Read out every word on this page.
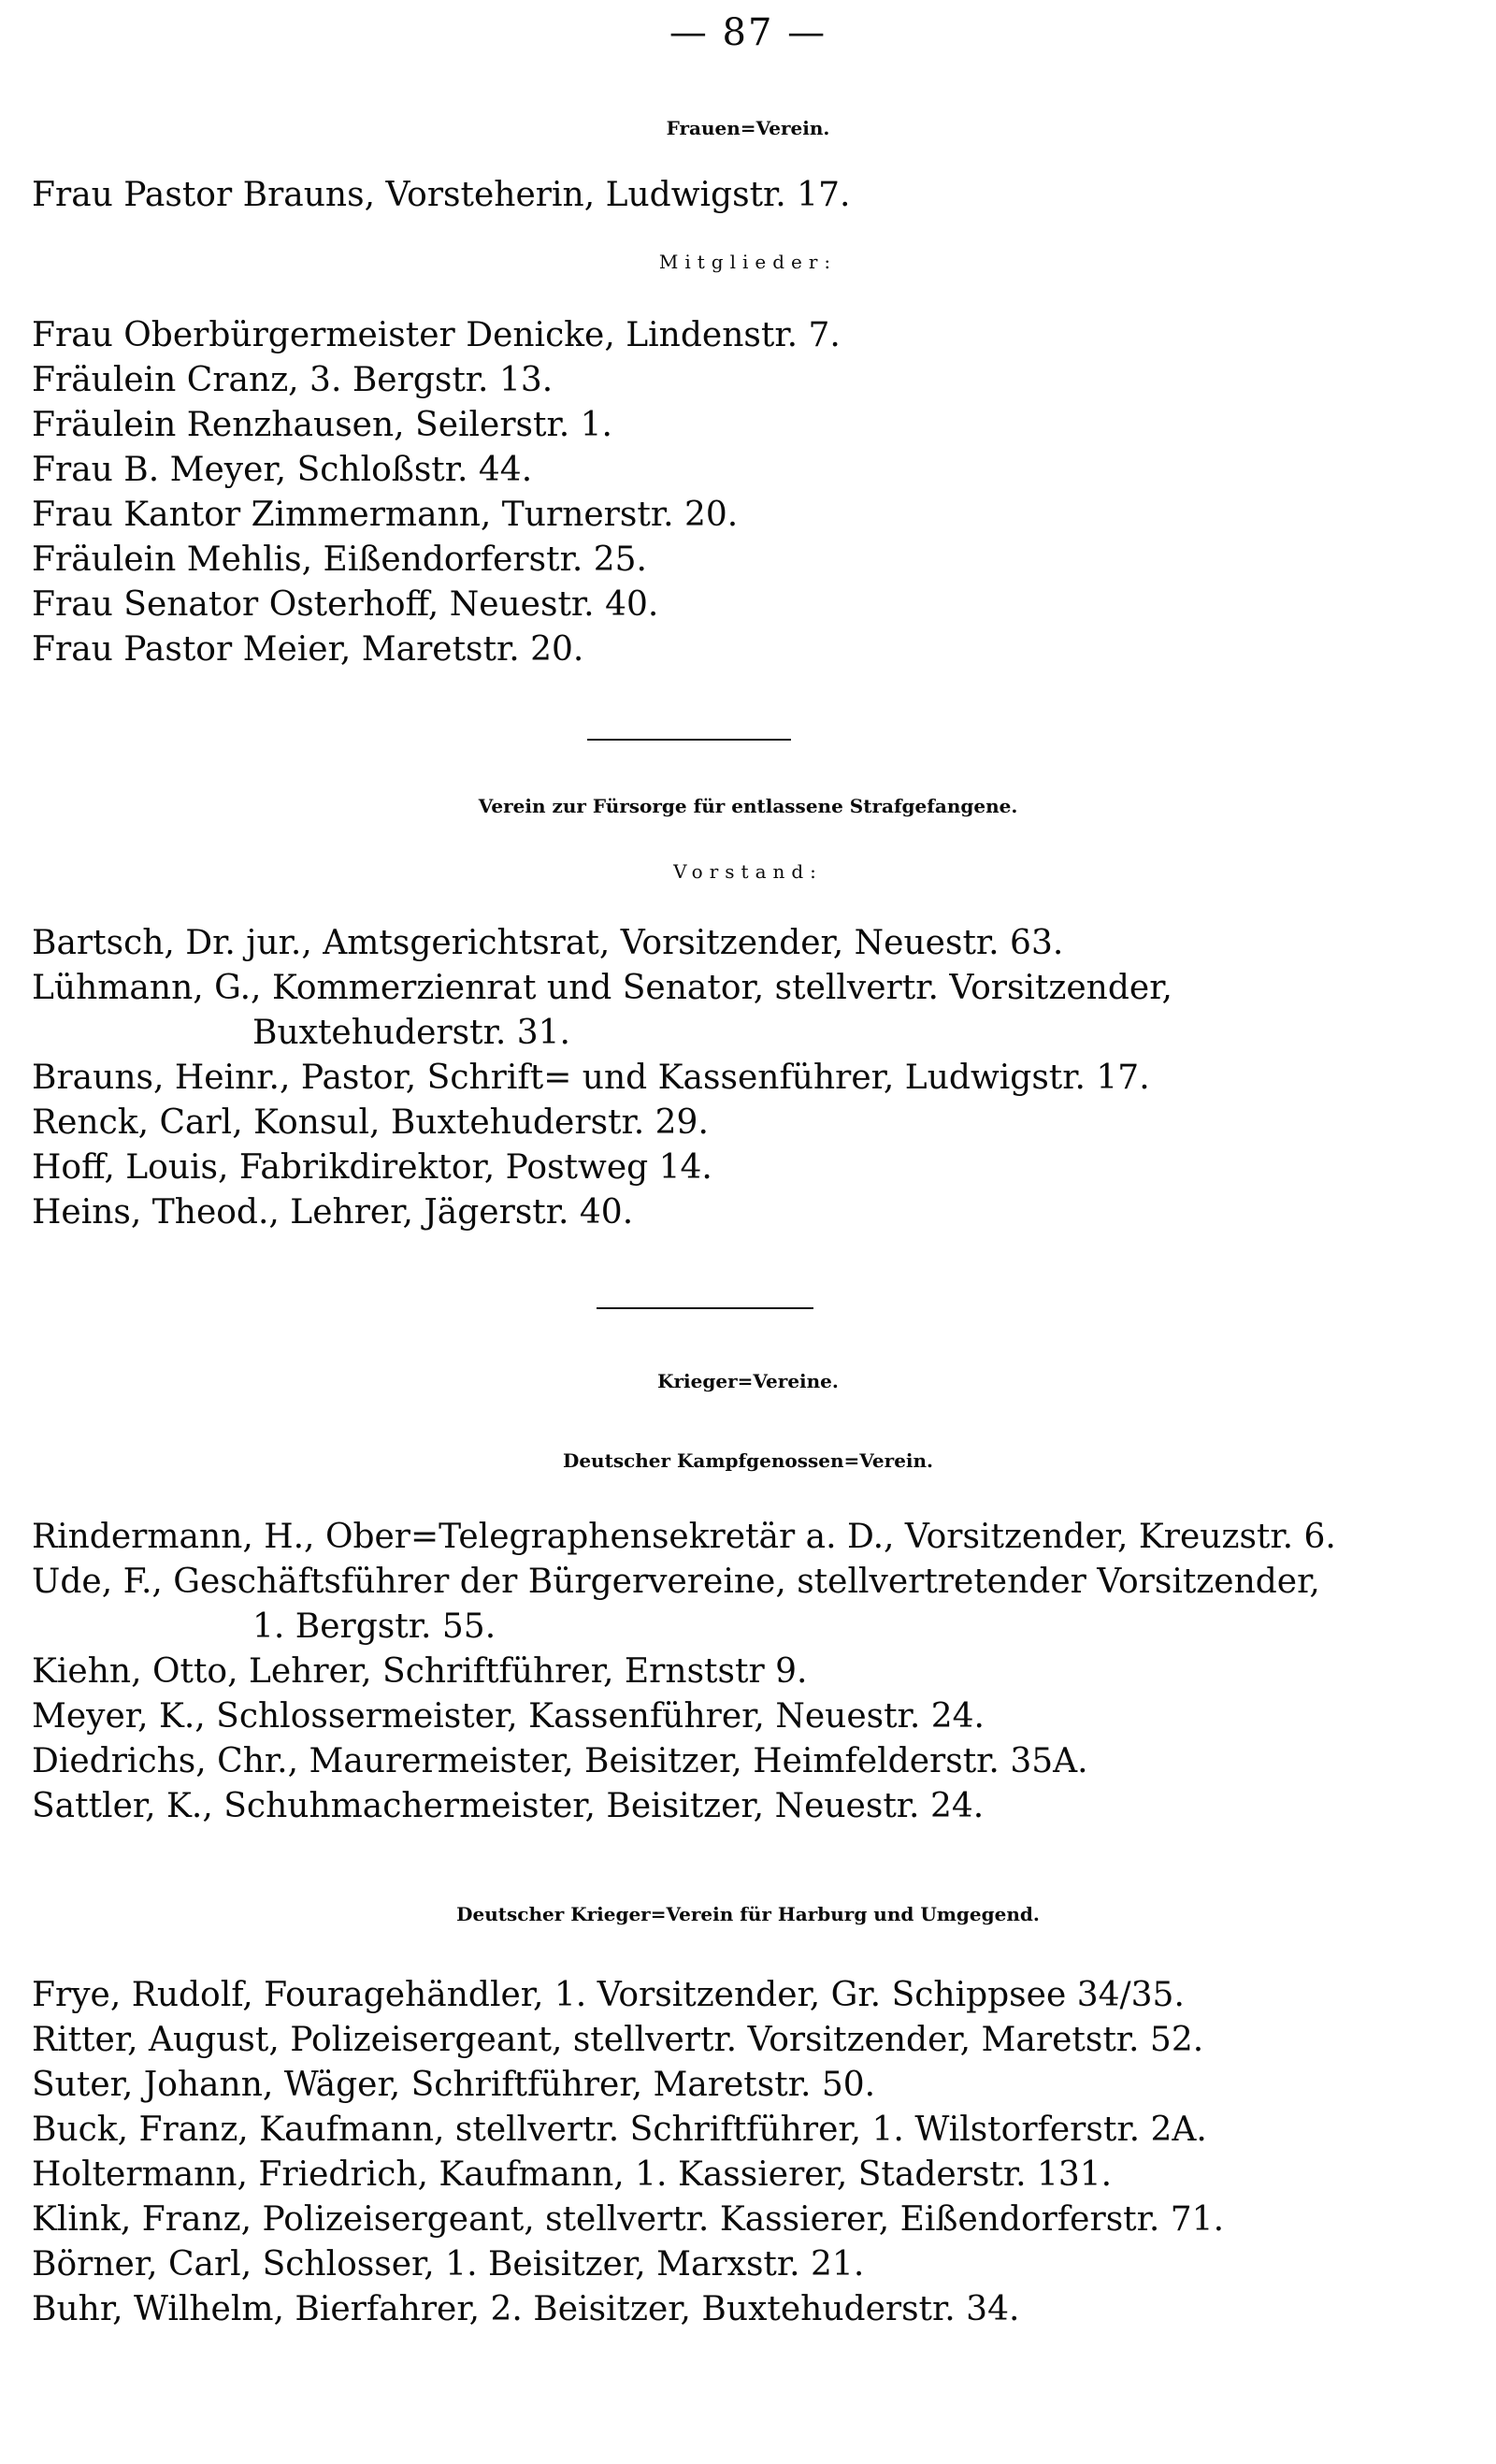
— 87 —
Frauen=Verein.
Frau Pastor Brauns, Vorsteherin, Ludwigstr. 17.
Mitglieder:
Frau Oberbürgermeister Denicke, Lindenstr. 7.
Fräulein Cranz, 3. Bergstr. 13.
Fräulein Renzhausen, Seilerstr. 1.
Frau B. Meyer, Schloßstr. 44.
Frau Kantor Zimmermann, Turnerstr. 20.
Fräulein Mehlis, Eißendorferstr. 25.
Frau Senator Osterhoff, Neuestr. 40.
Frau Pastor Meier, Maretstr. 20.
Verein zur Fürsorge für entlassene Strafgefangene.
Vorstand:
Bartsch, Dr. jur., Amtsgerichtsrat, Vorsitzender, Neuestr. 63.
Lühmann, G., Kommerzienrat und Senator, stellvertr. Vorsitzender,
Buxtehuderstr. 31.
Brauns, Heinr., Pastor, Schrift= und Kassenführer, Ludwigstr. 17.
Renck, Carl, Konsul, Buxtehuderstr. 29.
Hoff, Louis, Fabrikdirektor, Postweg 14.
Heins, Theod., Lehrer, Jägerstr. 40.
Krieger=Vereine.
Deutscher Kampfgenossen=Verein.
Rindermann, H., Ober=Telegraphensekretär a. D., Vorsitzender, Kreuzstr. 6.
Ude, F., Geschäftsführer der Bürgervereine, stellvertretender Vorsitzender,
1. Bergstr. 55.
Kiehn, Otto, Lehrer, Schriftführer, Ernststr 9.
Meyer, K., Schlossermeister, Kassenführer, Neuestr. 24.
Diedrichs, Chr., Maurermeister, Beisitzer, Heimfelderstr. 35A.
Sattler, K., Schuhmachermeister, Beisitzer, Neuestr. 24.
Deutscher Krieger=Verein für Harburg und Umgegend.
Frye, Rudolf, Fouragehändler, 1. Vorsitzender, Gr. Schippsee 34/35.
Ritter, August, Polizeisergeant, stellvertr. Vorsitzender, Maretstr. 52.
Suter, Johann, Wäger, Schriftführer, Maretstr. 50.
Buck, Franz, Kaufmann, stellvertr. Schriftführer, 1. Wilstorferstr. 2A.
Holtermann, Friedrich, Kaufmann, 1. Kassierer, Staderstr. 131.
Klink, Franz, Polizeisergeant, stellvertr. Kassierer, Eißendorferstr. 71.
Börner, Carl, Schlosser, 1. Beisitzer, Marxstr. 21.
Buhr, Wilhelm, Bierfahrer, 2. Beisitzer, Buxtehuderstr. 34.
